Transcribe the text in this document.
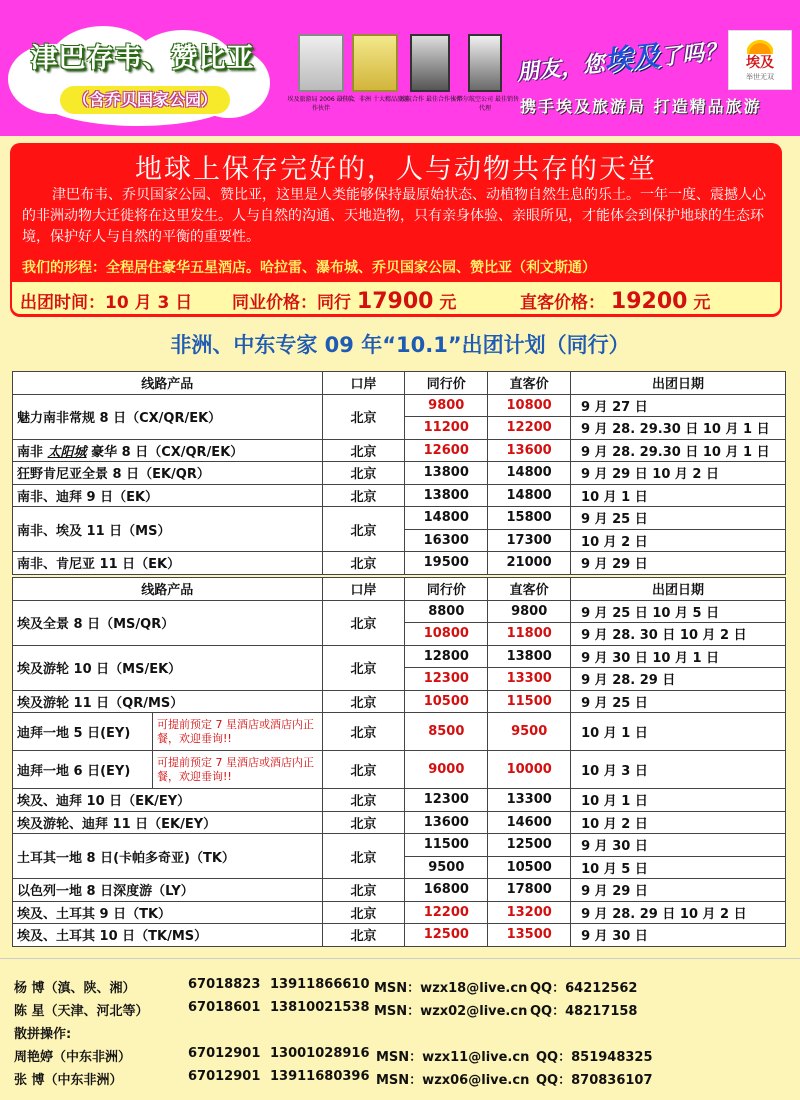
津巴存韦、赞比亚
（含乔贝国家公园）	埃及旅游局 2006 最佳合作伙伴
中东、非洲 十大精品旅游
埃航合作 最佳合作伙伴
卡塔尔航空公司 最佳销售代理
朋友，您埃及了吗？
携手埃及旅游局 打造精品旅游
埃及
举世无双
地球上保存完好的，人与动物共存的天堂
津巴布韦、乔贝国家公园、赞比亚，这里是人类能够保持最原始状态、动植物自然生息的乐土。一年一度、震撼人心的非洲动物大迁徙将在这里发生。人与自然的沟通、天地造物，只有亲身体验、亲眼所见，才能体会到保护地球的生态环境，保护好人与自然的平衡的重要性。
我们的形程：全程居住豪华五星酒店。哈拉雷、瀑布城、乔贝国家公园、赞比亚（利文斯通）
出团时间：10 月 3 日 同业价格：同行 17900 元	直客价格： 19200 元
非洲、中东专家 09 年“10.1”出团计划（同行）
线路产品	口岸	同行价	直客价	出团日期
魅力南非常规 8 日（CX/QR/EK）	北京	9800	10800	9 月 27 日
		11200	12200	9 月 28. 29.30 日 10 月 1 日
南非 太阳城 豪华 8 日（CX/QR/EK）	北京	12600	13600	9 月 28. 29.30 日 10 月 1 日
狂野肯尼亚全景 8 日（EK/QR）	北京	13800	14800	9 月 29 日 10 月 2 日
南非、迪拜 9 日（EK）	北京	13800	14800	10 月 1 日
南非、埃及 11 日（MS）	北京	14800	15800	9 月 25 日
		16300	17300	10 月 2 日
南非、肯尼亚 11 日（EK）	北京	19500	21000	9 月 29 日
线路产品		口岸	同行价	直客价	出团日期
埃及全景 8 日（MS/QR）		北京	8800	9800	9 月 25 日 10 月 5 日
			10800	11800	9 月 28. 30 日 10 月 2 日
埃及游轮 10 日（MS/EK）		北京	12800	13800	9 月 30 日 10 月 1 日
			12300	13300	9 月 28. 29 日
埃及游轮 11 日（QR/MS）		北京	10500	11500	9 月 25 日
迪拜一地 5 日(EY)	可提前预定 7 星酒店或酒店内正餐，欢迎垂询!!	北京	8500	9500	10 月 1 日
迪拜一地 6 日(EY)	可提前预定 7 星酒店或酒店内正餐，欢迎垂询!!	北京	9000	10000	10 月 3 日
埃及、迪拜 10 日（EK/EY）		北京	12300	13300	10 月 1 日
埃及游轮、迪拜 11 日（EK/EY）		北京	13600	14600	10 月 2 日
土耳其一地 8 日(卡帕多奇亚)（TK）		北京	11500	12500	9 月 30 日
			9500	10500	10 月 5 日
以色列一地 8 日深度游（LY）		北京	16800	17800	9 月 29 日
埃及、土耳其 9 日（TK）		北京	12200	13200	9 月 28. 29 日 10 月 2 日
埃及、土耳其 10 日（TK/MS）		北京	12500	13500	9 月 30 日
杨 博（滇、陕、湘）	67018823 13911866610 MSN：wzx18@live.cn QQ：64212562
陈 星（天津、河北等）	67018601 13810021538 MSN：wzx02@live.cn QQ：48217158
散拼操作:
周艳婷（中东非洲）	67012901 13001028916 MSN：wzx11@live.cn QQ：851948325
张 博（中东非洲）	67012901 13911680396 MSN：wzx06@live.cn QQ：870836107
